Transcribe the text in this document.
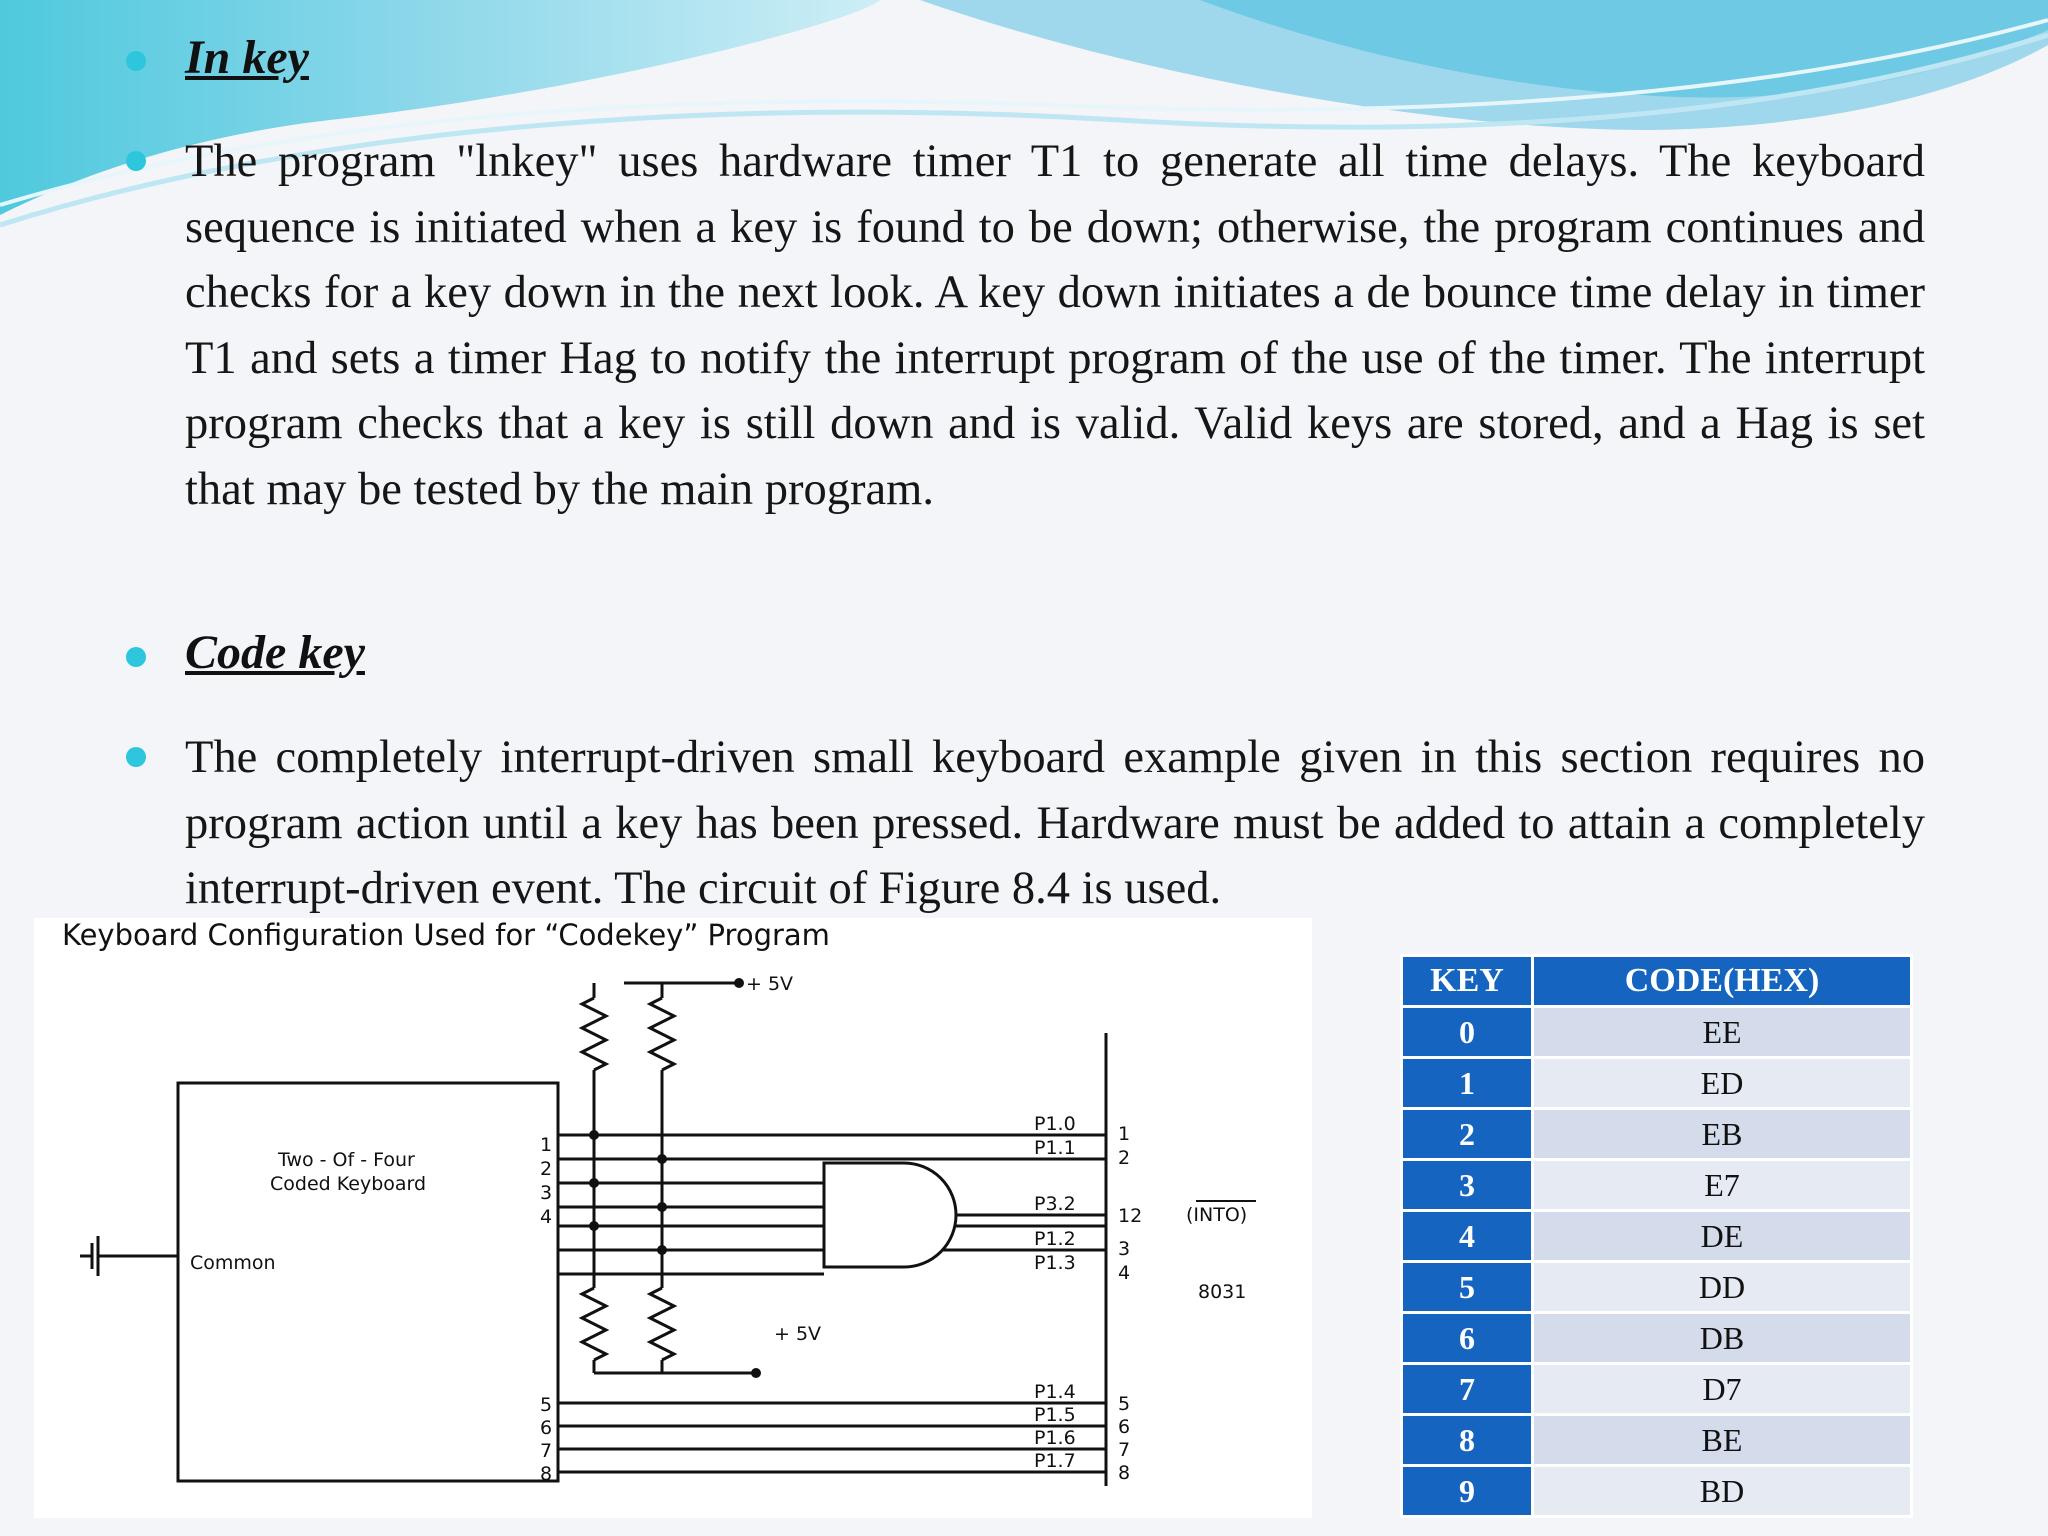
In key
The program "lnkey" uses hardware timer T1 to generate all time delays. The keyboard sequence is initiated when a key is found to be down; otherwise, the program continues and checks for a key down in the next look. A key down initiates a de bounce time delay in timer T1 and sets a timer Hag to notify the interrupt program of the use of the timer. The interrupt program checks that a key is still down and is valid. Valid keys are stored, and a Hag is set that may be tested by the main program.
Code key
The completely interrupt-driven small keyboard example given in this section requires no program action until a key has been pressed. Hardware must be added to attain a completely interrupt-driven event. The circuit of Figure 8.4 is used.
Keyboard Configuration Used for “Codekey” Program
+ 5V
+ 5V
Two - Of - Four
Coded Keyboard
Common
1
2
3
4
5
6
7
8
P1.0
P1.1
P3.2
P1.2
P1.3
P1.4
P1.5
P1.6
P1.7
1
2
12
3
4
5
6
7
8
(INTO)
8031
KEY	CODE(HEX)
0	EE
1	ED
2	EB
3	E7
4	DE
5	DD
6	DB
7	D7
8	BE
9	BD
